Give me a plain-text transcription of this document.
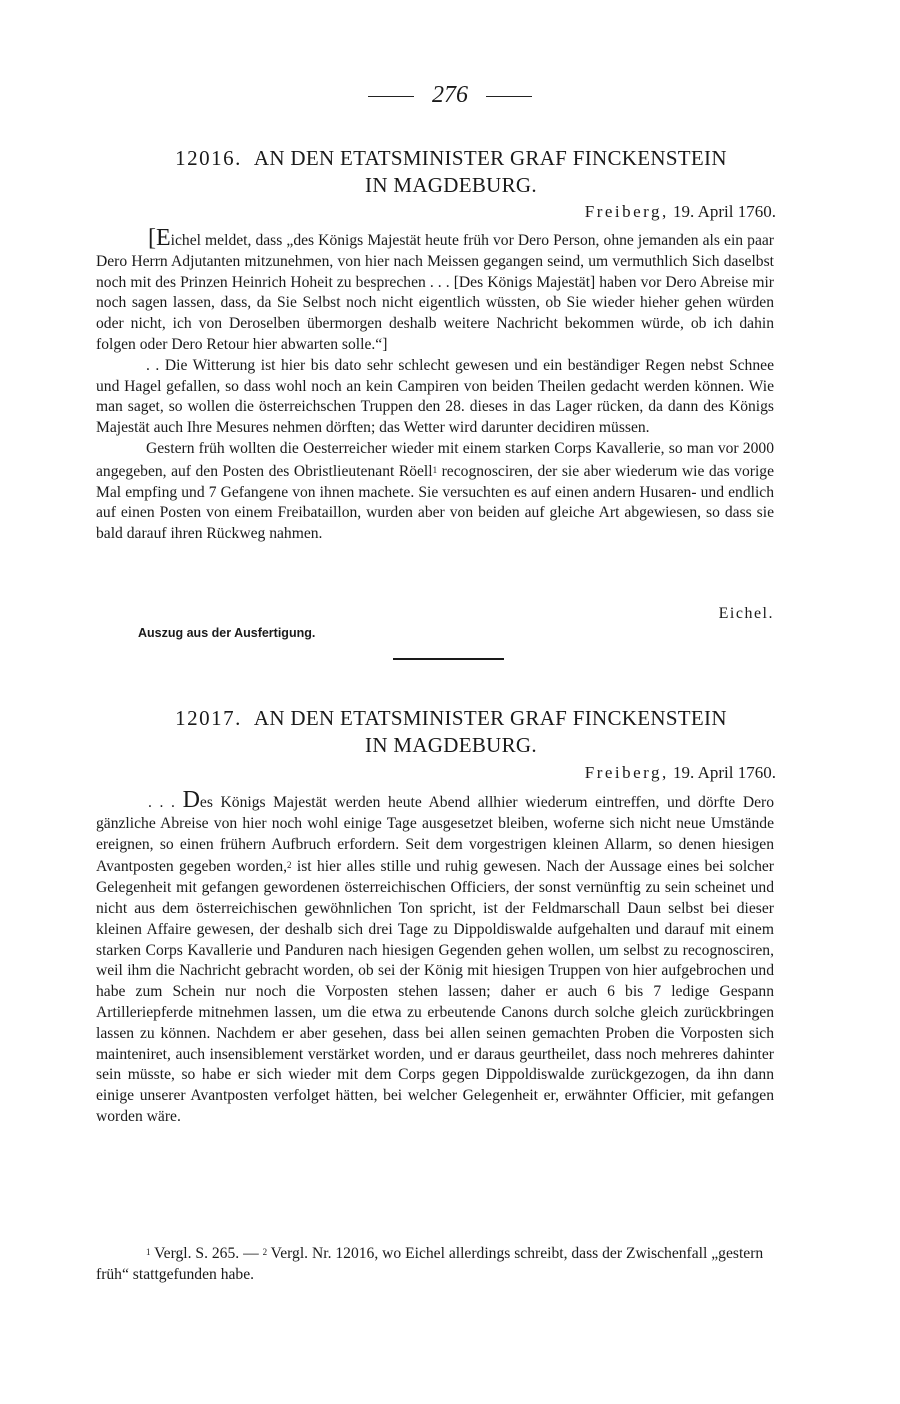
276
12016. AN DEN ETATSMINISTER GRAF FINCKENSTEIN
IN MAGDEBURG.
Freiberg, 19. April 1760.

[Eichel meldet, dass „des Königs Majestät heute früh vor Dero Person, ohne jemanden als ein paar Dero Herrn Adjutanten mitzunehmen, von hier nach Meissen gegangen seind, um vermuthlich Sich daselbst noch mit des Prinzen Heinrich Hoheit zu besprechen . . . [Des Königs Majestät] haben vor Dero Abreise mir noch sagen lassen, dass, da Sie Selbst noch nicht eigentlich wüssten, ob Sie wieder hieher gehen würden oder nicht, ich von Deroselben übermorgen deshalb weitere Nachricht bekommen würde, ob ich dahin folgen oder Dero Retour hier abwarten solle.“]

. . Die Witterung ist hier bis dato sehr schlecht gewesen und ein beständiger Regen nebst Schnee und Hagel gefallen, so dass wohl noch an kein Campiren von beiden Theilen gedacht werden können. Wie man saget, so wollen die österreichschen Truppen den 28. dieses in das Lager rücken, da dann des Königs Majestät auch Ihre Mesures nehmen dörften; das Wetter wird darunter decidiren müssen.

Gestern früh wollten die Oesterreicher wieder mit einem starken Corps Kavallerie, so man vor 2000 angegeben, auf den Posten des Obristlieutenant Röell$^1$ recognosciren, der sie aber wiederum wie das vorige Mal empfing und 7 Gefangene von ihnen machete. Sie versuchten es auf einen andern Husaren- und endlich auf einen Posten von einem Freibataillon, wurden aber von beiden auf gleiche Art abgewiesen, so dass sie bald darauf ihren Rückweg nahmen.

Eichel.
Auszug aus der Ausfertigung.
12017. AN DEN ETATSMINISTER GRAF FINCKENSTEIN
IN MAGDEBURG.
Freiberg, 19. April 1760.

. . . Des Königs Majestät werden heute Abend allhier wiederum eintreffen, und dörfte Dero gänzliche Abreise von hier noch wohl einige Tage ausgesetzet bleiben, woferne sich nicht neue Umstände ereignen, so einen frühern Aufbruch erfordern. Seit dem vorgestrigen kleinen Allarm, so denen hiesigen Avantposten gegeben worden,$^2$ ist hier alles stille und ruhig gewesen. Nach der Aussage eines bei solcher Gelegenheit mit gefangen gewordenen österreichischen Officiers, der sonst vernünftig zu sein scheinet und nicht aus dem österreichischen gewöhnlichen Ton spricht, ist der Feldmarschall Daun selbst bei dieser kleinen Affaire gewesen, der deshalb sich drei Tage zu Dippoldiswalde aufgehalten und darauf mit einem starken Corps Kavallerie und Panduren nach hiesigen Gegenden gehen wollen, um selbst zu recognosciren, weil ihm die Nachricht gebracht worden, ob sei der König mit hiesigen Truppen von hier aufgebrochen und habe zum Schein nur noch die Vorposten stehen lassen; daher er auch 6 bis 7 ledige Gespann Artilleriepferde mitnehmen lassen, um die etwa zu erbeutende Canons durch solche gleich zurückbringen lassen zu können. Nachdem er aber gesehen, dass bei allen seinen gemachten Proben die Vorposten sich mainteniret, auch insensiblement verstärket worden, und er daraus geurtheilet, dass noch mehreres dahinter sein müsste, so habe er sich wieder mit dem Corps gegen Dippoldiswalde zurückgezogen, da ihn dann einige unserer Avantposten verfolget hätten, bei welcher Gelegenheit er, erwähnter Officier, mit gefangen worden wäre.

$^1$ Vergl. S. 265. — $^2$ Vergl. Nr. 12016, wo Eichel allerdings schreibt, dass der Zwischenfall „gestern früh“ stattgefunden habe.
